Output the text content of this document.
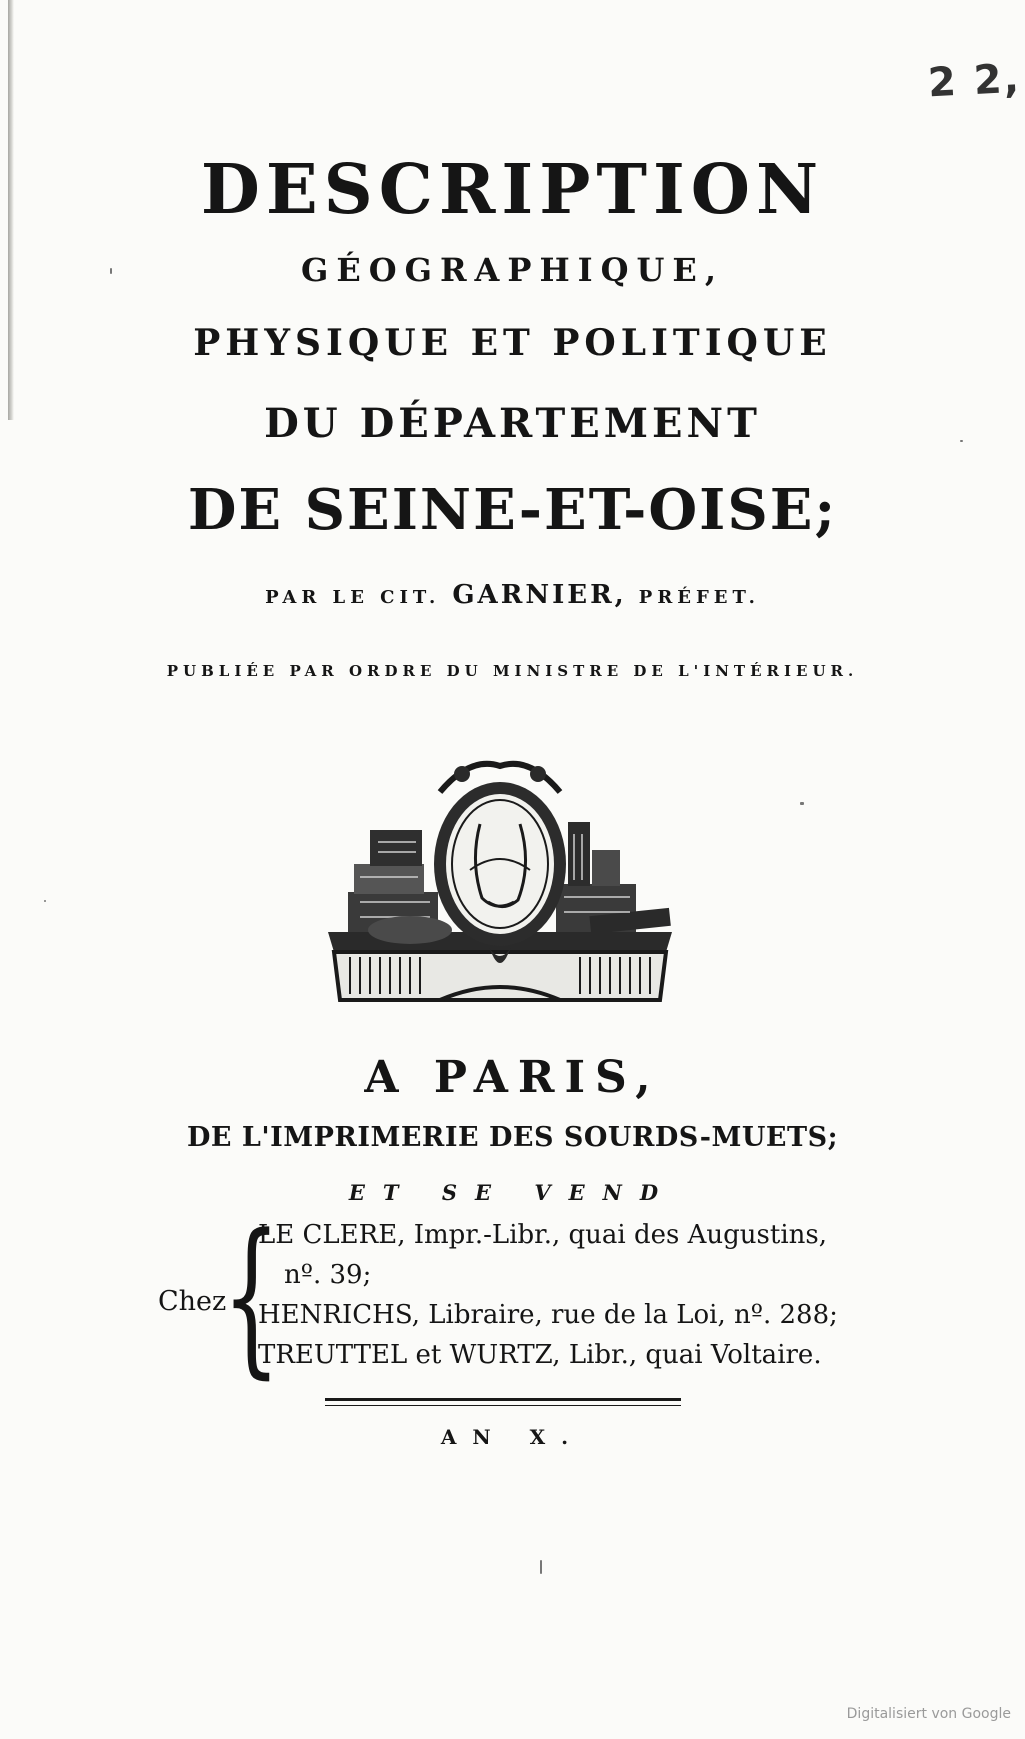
2 2,
DESCRIPTION
GÉOGRAPHIQUE,
PHYSIQUE ET POLITIQUE
DU DÉPARTEMENT
DE SEINE-ET-OISE;
PAR LE CIT. GARNIER, PRÉFET.
PUBLIÉE PAR ORDRE DU MINISTRE DE L'INTÉRIEUR.
A PARIS,
DE L'IMPRIMERIE DES SOURDS-MUETS;
ET SE VEND
Chez
{
LE CLERE, Impr.-Libr., quai des Augustins,
nº. 39;
HENRICHS, Libraire, rue de la Loi, nº. 288;
TREUTTEL et WURTZ, Libr., quai Voltaire.
AN X.
Digitalisiert von Google
